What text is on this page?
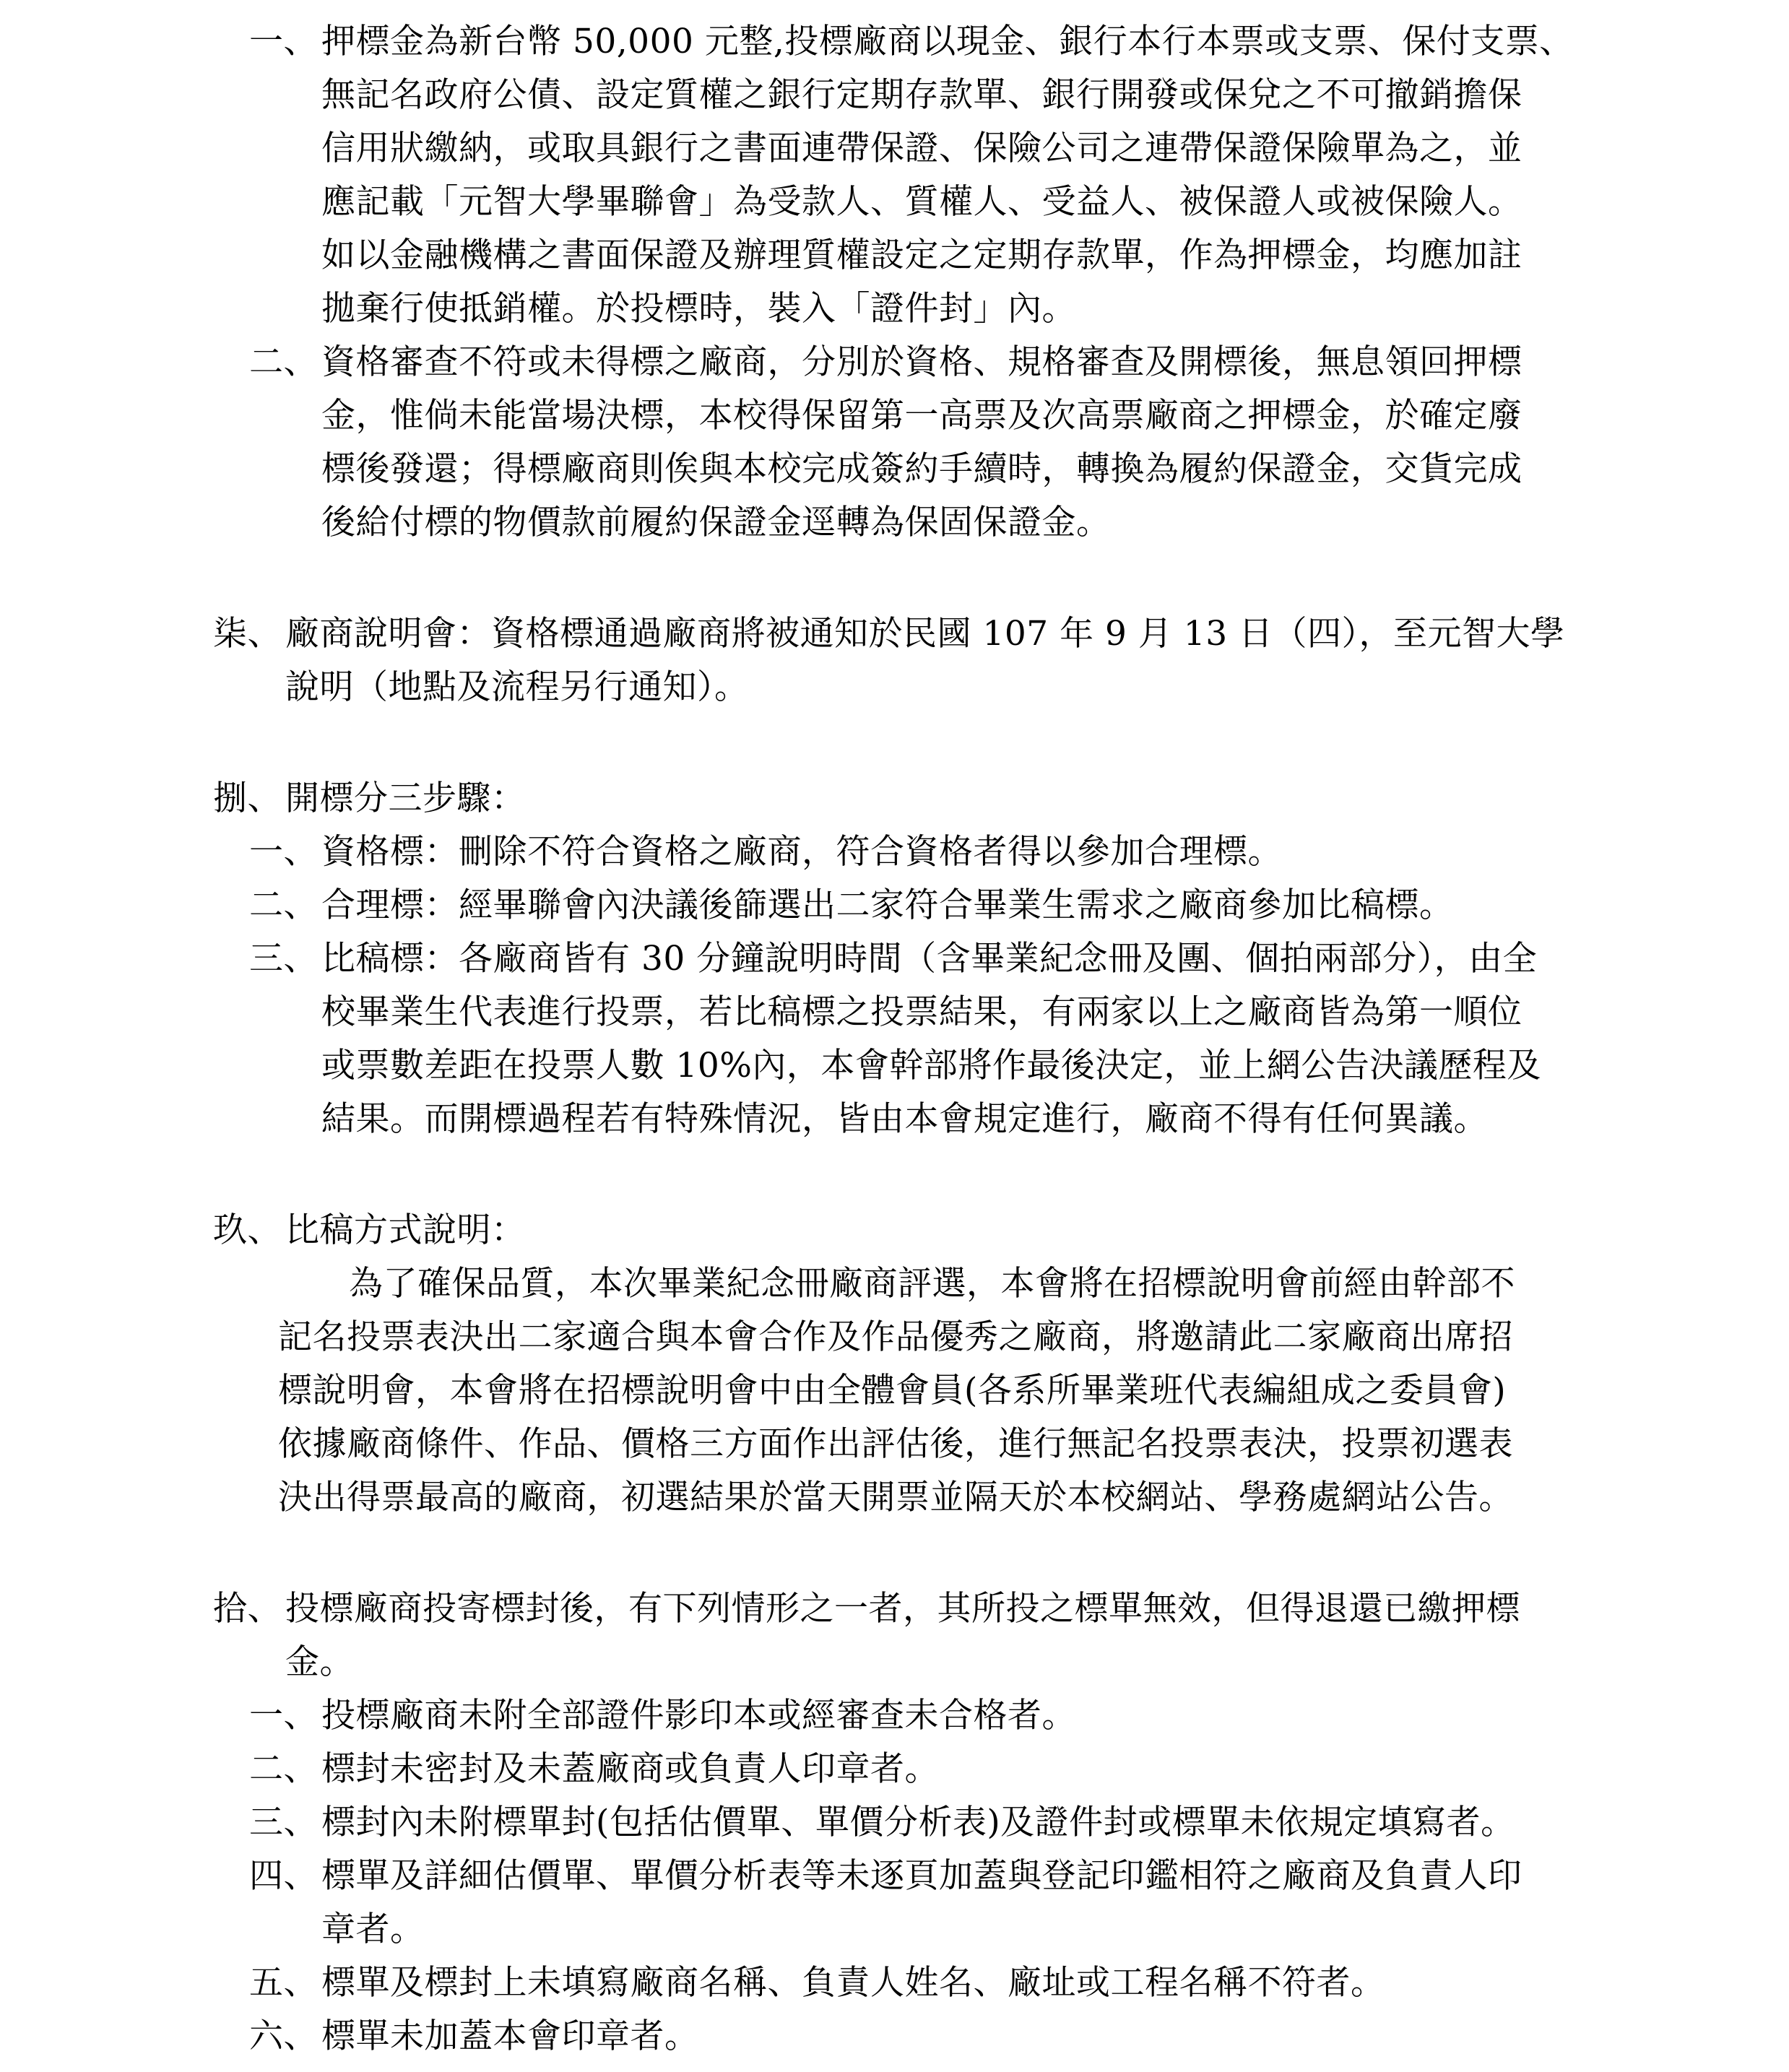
一、 押標金為新台幣 50,000 元整,投標廠商以現金、銀行本行本票或支票、保付支票、
無記名政府公債、設定質權之銀行定期存款單、銀行開發或保兌之不可撤銷擔保
信用狀繳納，或取具銀行之書面連帶保證、保險公司之連帶保證保險單為之，並
應記載「元智大學畢聯會」為受款人、質權人、受益人、被保證人或被保險人。
如以金融機構之書面保證及辦理質權設定之定期存款單，作為押標金，均應加註
拋棄行使抵銷權。於投標時，裝入「證件封」內。
二、 資格審查不符或未得標之廠商，分別於資格、規格審查及開標後，無息領回押標
金，惟倘未能當場決標，本校得保留第一高票及次高票廠商之押標金，於確定廢
標後發還；得標廠商則俟與本校完成簽約手續時，轉換為履約保證金，交貨完成
後給付標的物價款前履約保證金逕轉為保固保證金。
柒、 廠商說明會：資格標通過廠商將被通知於民國 107 年 9 月 13 日（四），至元智大學
說明（地點及流程另行通知）。
捌、 開標分三步驟：
一、 資格標：刪除不符合資格之廠商，符合資格者得以參加合理標。
二、 合理標：經畢聯會內決議後篩選出二家符合畢業生需求之廠商參加比稿標。
三、 比稿標：各廠商皆有 30 分鐘說明時間（含畢業紀念冊及團、個拍兩部分），由全
校畢業生代表進行投票，若比稿標之投票結果，有兩家以上之廠商皆為第一順位
或票數差距在投票人數 10%內，本會幹部將作最後決定，並上網公告決議歷程及
結果。而開標過程若有特殊情況，皆由本會規定進行，廠商不得有任何異議。
玖、 比稿方式說明：
為了確保品質，本次畢業紀念冊廠商評選，本會將在招標說明會前經由幹部不
記名投票表決出二家適合與本會合作及作品優秀之廠商，將邀請此二家廠商出席招
標說明會，本會將在招標說明會中由全體會員(各系所畢業班代表編組成之委員會)
依據廠商條件、作品、價格三方面作出評估後，進行無記名投票表決，投票初選表
決出得票最高的廠商，初選結果於當天開票並隔天於本校網站、學務處網站公告。
拾、 投標廠商投寄標封後，有下列情形之一者，其所投之標單無效，但得退還已繳押標
金。
一、 投標廠商未附全部證件影印本或經審查未合格者。
二、 標封未密封及未蓋廠商或負責人印章者。
三、 標封內未附標單封(包括估價單、單價分析表)及證件封或標單未依規定填寫者。
四、 標單及詳細估價單、單價分析表等未逐頁加蓋與登記印鑑相符之廠商及負責人印
章者。
五、 標單及標封上未填寫廠商名稱、負責人姓名、廠址或工程名稱不符者。
六、 標單未加蓋本會印章者。
